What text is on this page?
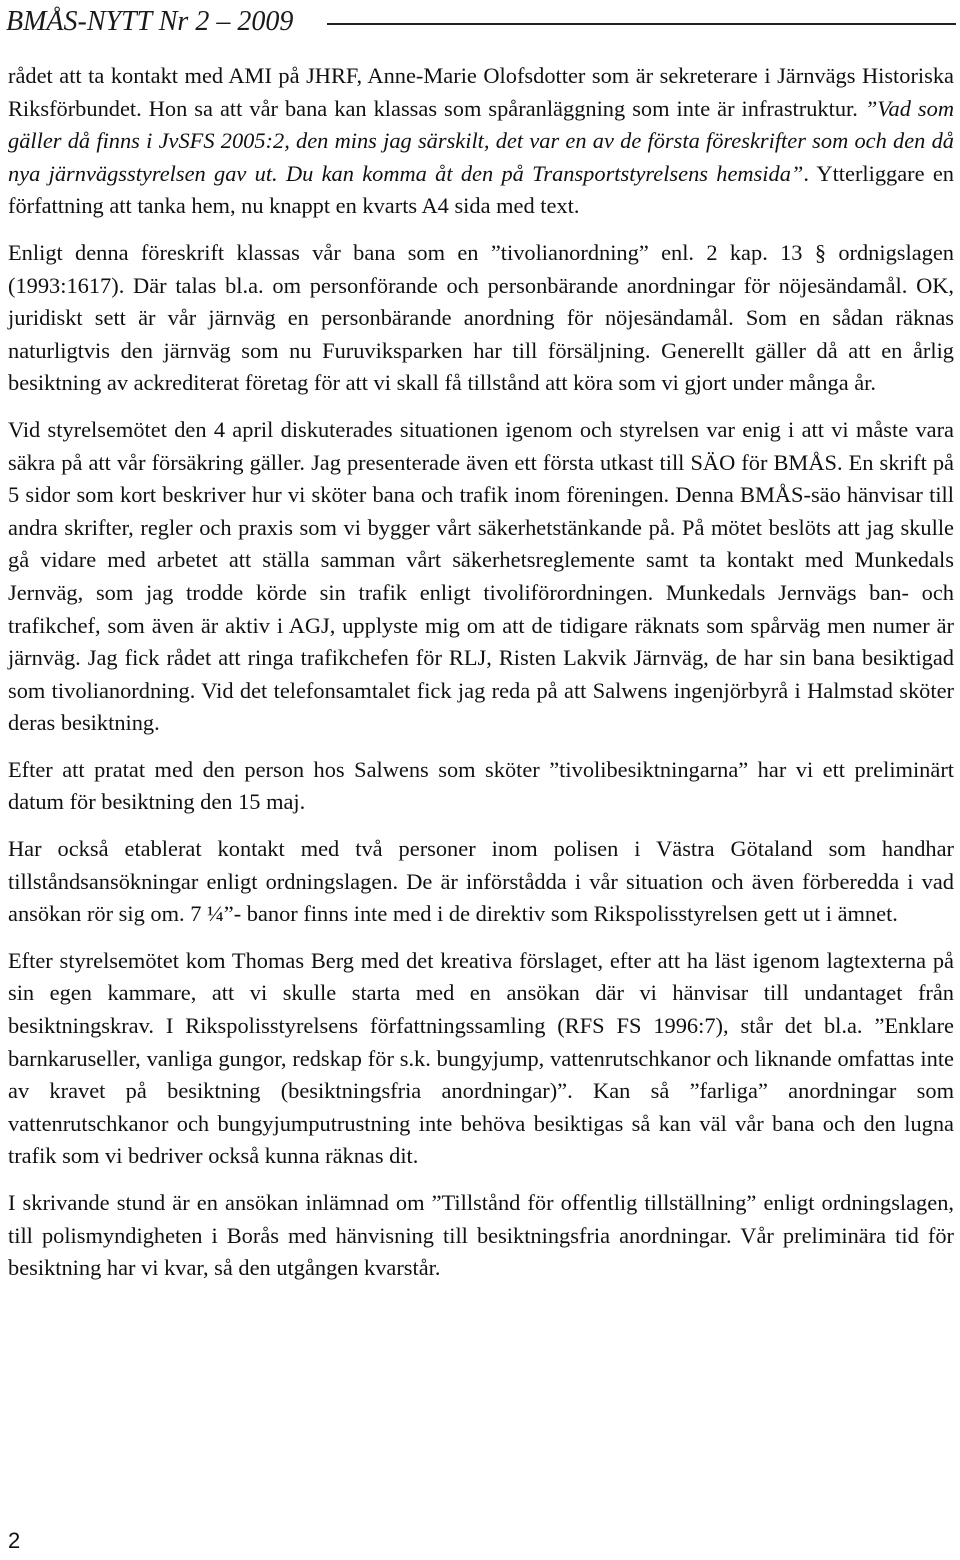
BMÅS-NYTT Nr 2 – 2009

rådet att ta kontakt med AMI på JHRF, Anne-Marie Olofsdotter som är sekreterare i Järnvägs Historiska Riksförbundet. Hon sa att vår bana kan klassas som spåranläggning som inte är infrastruktur. ”Vad som gäller då finns i JvSFS 2005:2, den mins jag särskilt, det var en av de första föreskrifter som och den då nya järnvägsstyrelsen gav ut. Du kan komma åt den på Transportstyrelsens hemsida”. Ytterliggare en författning att tanka hem, nu knappt en kvarts A4 sida med text.

Enligt denna föreskrift klassas vår bana som en ”tivolianordning” enl. 2 kap. 13 § ordnigslagen (1993:1617). Där talas bl.a. om personförande och personbärande anordningar för nöjesändamål. OK, juridiskt sett är vår järnväg en personbärande anordning för nöjesändamål. Som en sådan räknas naturligtvis den järnväg som nu Furuviksparken har till försäljning. Generellt gäller då att en årlig besiktning av ackrediterat företag för att vi skall få tillstånd att köra som vi gjort under många år.

Vid styrelsemötet den 4 april diskuterades situationen igenom och styrelsen var enig i att vi måste vara säkra på att vår försäkring gäller. Jag presenterade även ett första utkast till SÄO för BMÅS. En skrift på 5 sidor som kort beskriver hur vi sköter bana och trafik inom föreningen. Denna BMÅS-säo hänvisar till andra skrifter, regler och praxis som vi bygger vårt säkerhetstänkande på. På mötet beslöts att jag skulle gå vidare med arbetet att ställa samman vårt säkerhetsreglemente samt ta kontakt med Munkedals Jernväg, som jag trodde körde sin trafik enligt tivoliförordningen. Munkedals Jernvägs ban- och trafikchef, som även är aktiv i AGJ, upplyste mig om att de tidigare räknats som spårväg men numer är järnväg. Jag fick rådet att ringa trafikchefen för RLJ, Risten Lakvik Järnväg, de har sin bana besiktigad som tivolianordning. Vid det telefonsamtalet fick jag reda på att Salwens ingenjörbyrå i Halmstad sköter deras besiktning.

Efter att pratat med den person hos Salwens som sköter ”tivolibesiktningarna” har vi ett preliminärt datum för besiktning den 15 maj.

Har också etablerat kontakt med två personer inom polisen i Västra Götaland som handhar tillståndsansökningar enligt ordningslagen. De är införstådda i vår situation och även förberedda i vad ansökan rör sig om. 7 ¼”- banor finns inte med i de direktiv som Rikspolisstyrelsen gett ut i ämnet.

Efter styrelsemötet kom Thomas Berg med det kreativa förslaget, efter att ha läst igenom lagtexterna på sin egen kammare, att vi skulle starta med en ansökan där vi hänvisar till undantaget från besiktningskrav. I Rikspolisstyrelsens författningssamling (RFS FS 1996:7), står det bl.a. ”Enklare barnkaruseller, vanliga gungor, redskap för s.k. bungyjump, vattenrutschkanor och liknande omfattas inte av kravet på besiktning (besiktningsfria anordningar)”. Kan så ”farliga” anordningar som vattenrutschkanor och bungyjumputrustning inte behöva besiktigas så kan väl vår bana och den lugna trafik som vi bedriver också kunna räknas dit.

I skrivande stund är en ansökan inlämnad om ”Tillstånd för offentlig tillställning” enligt ordningslagen, till polismyndigheten i Borås med hänvisning till besiktningsfria anordningar. Vår preliminära tid för besiktning har vi kvar, så den utgången kvarstår.

2
